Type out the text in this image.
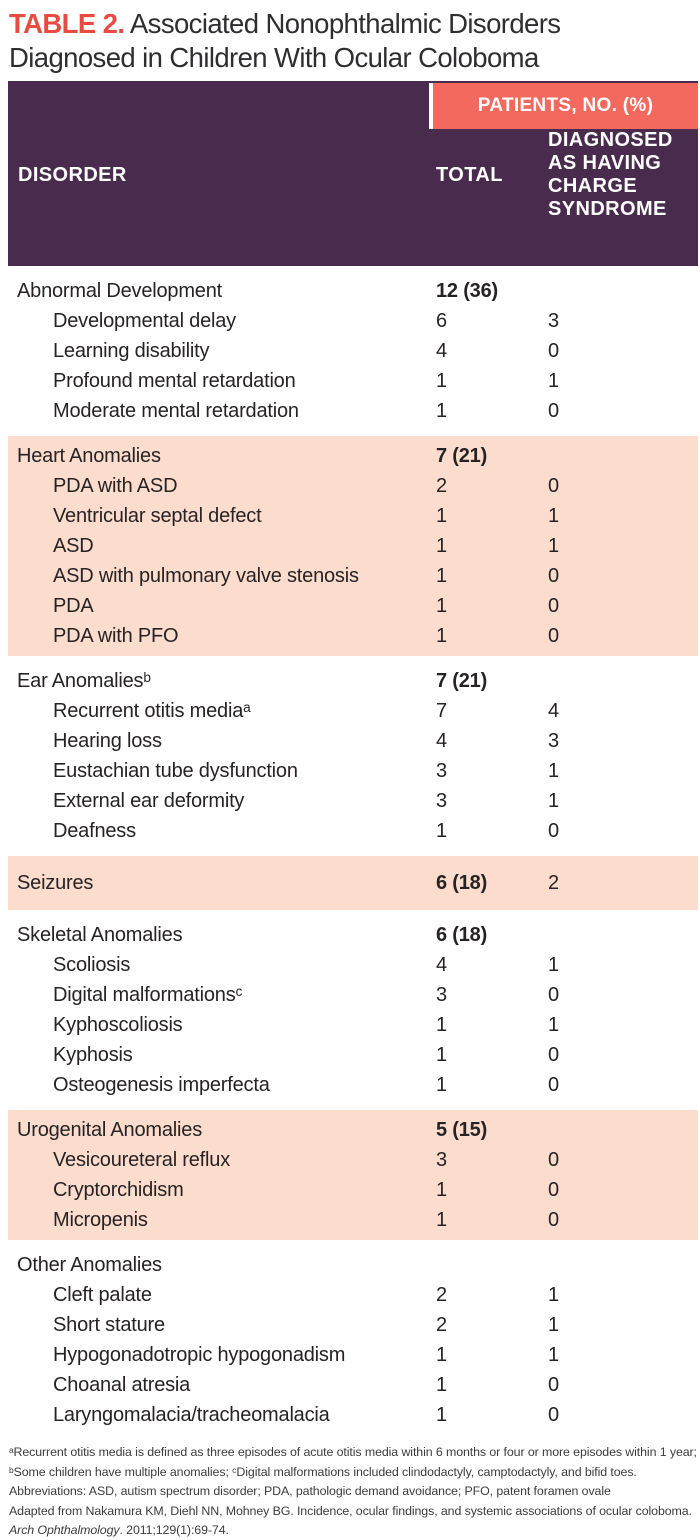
TABLE 2. Associated Nonophthalmic Disorders Diagnosed in Children With Ocular Coloboma
PATIENTS, NO. (%)
DISORDER	TOTAL
DIAGNOSED AS HAVING CHARGE SYNDROME
Abnormal Development	12 (36)
Developmental delay	6	3
Learning disability	4	0
Profound mental retardation	1	1
Moderate mental retardation	1	0
Heart Anomalies	7 (21)
PDA with ASD	2	0
Ventricular septal defect	1	1
ASD	1	1
ASD with pulmonary valve stenosis	1	0
PDA	1	0
PDA with PFO	1	0
Ear Anomaliesᵇ	7 (21)
Recurrent otitis mediaᵃ	7	4
Hearing loss	4	3
Eustachian tube dysfunction	3	1
External ear deformity	3	1
Deafness	1	0
Seizures	6 (18)	2
Skeletal Anomalies	6 (18)
Scoliosis	4	1
Digital malformationsᶜ	3	0
Kyphoscoliosis	1	1
Kyphosis	1	0
Osteogenesis imperfecta	1	0
Urogenital Anomalies	5 (15)
Vesicoureteral reflux	3	0
Cryptorchidism	1	0
Micropenis	1	0
Other Anomalies
Cleft palate	2	1
Short stature	2	1
Hypogonadotropic hypogonadism	1	1
Choanal atresia	1	0
Laryngomalacia/tracheomalacia	1	0
ᵃRecurrent otitis media is defined as three episodes of acute otitis media within 6 months or four or more episodes within 1 year; ᵇSome children have multiple anomalies; ᶜDigital malformations included clindodactyly, camptodactyly, and bifid toes.
Abbreviations: ASD, autism spectrum disorder; PDA, pathologic demand avoidance; PFO, patent foramen ovale
Adapted from Nakamura KM, Diehl NN, Mohney BG. Incidence, ocular findings, and systemic associations of ocular coloboma. Arch Ophthalmology. 2011;129(1):69-74.
